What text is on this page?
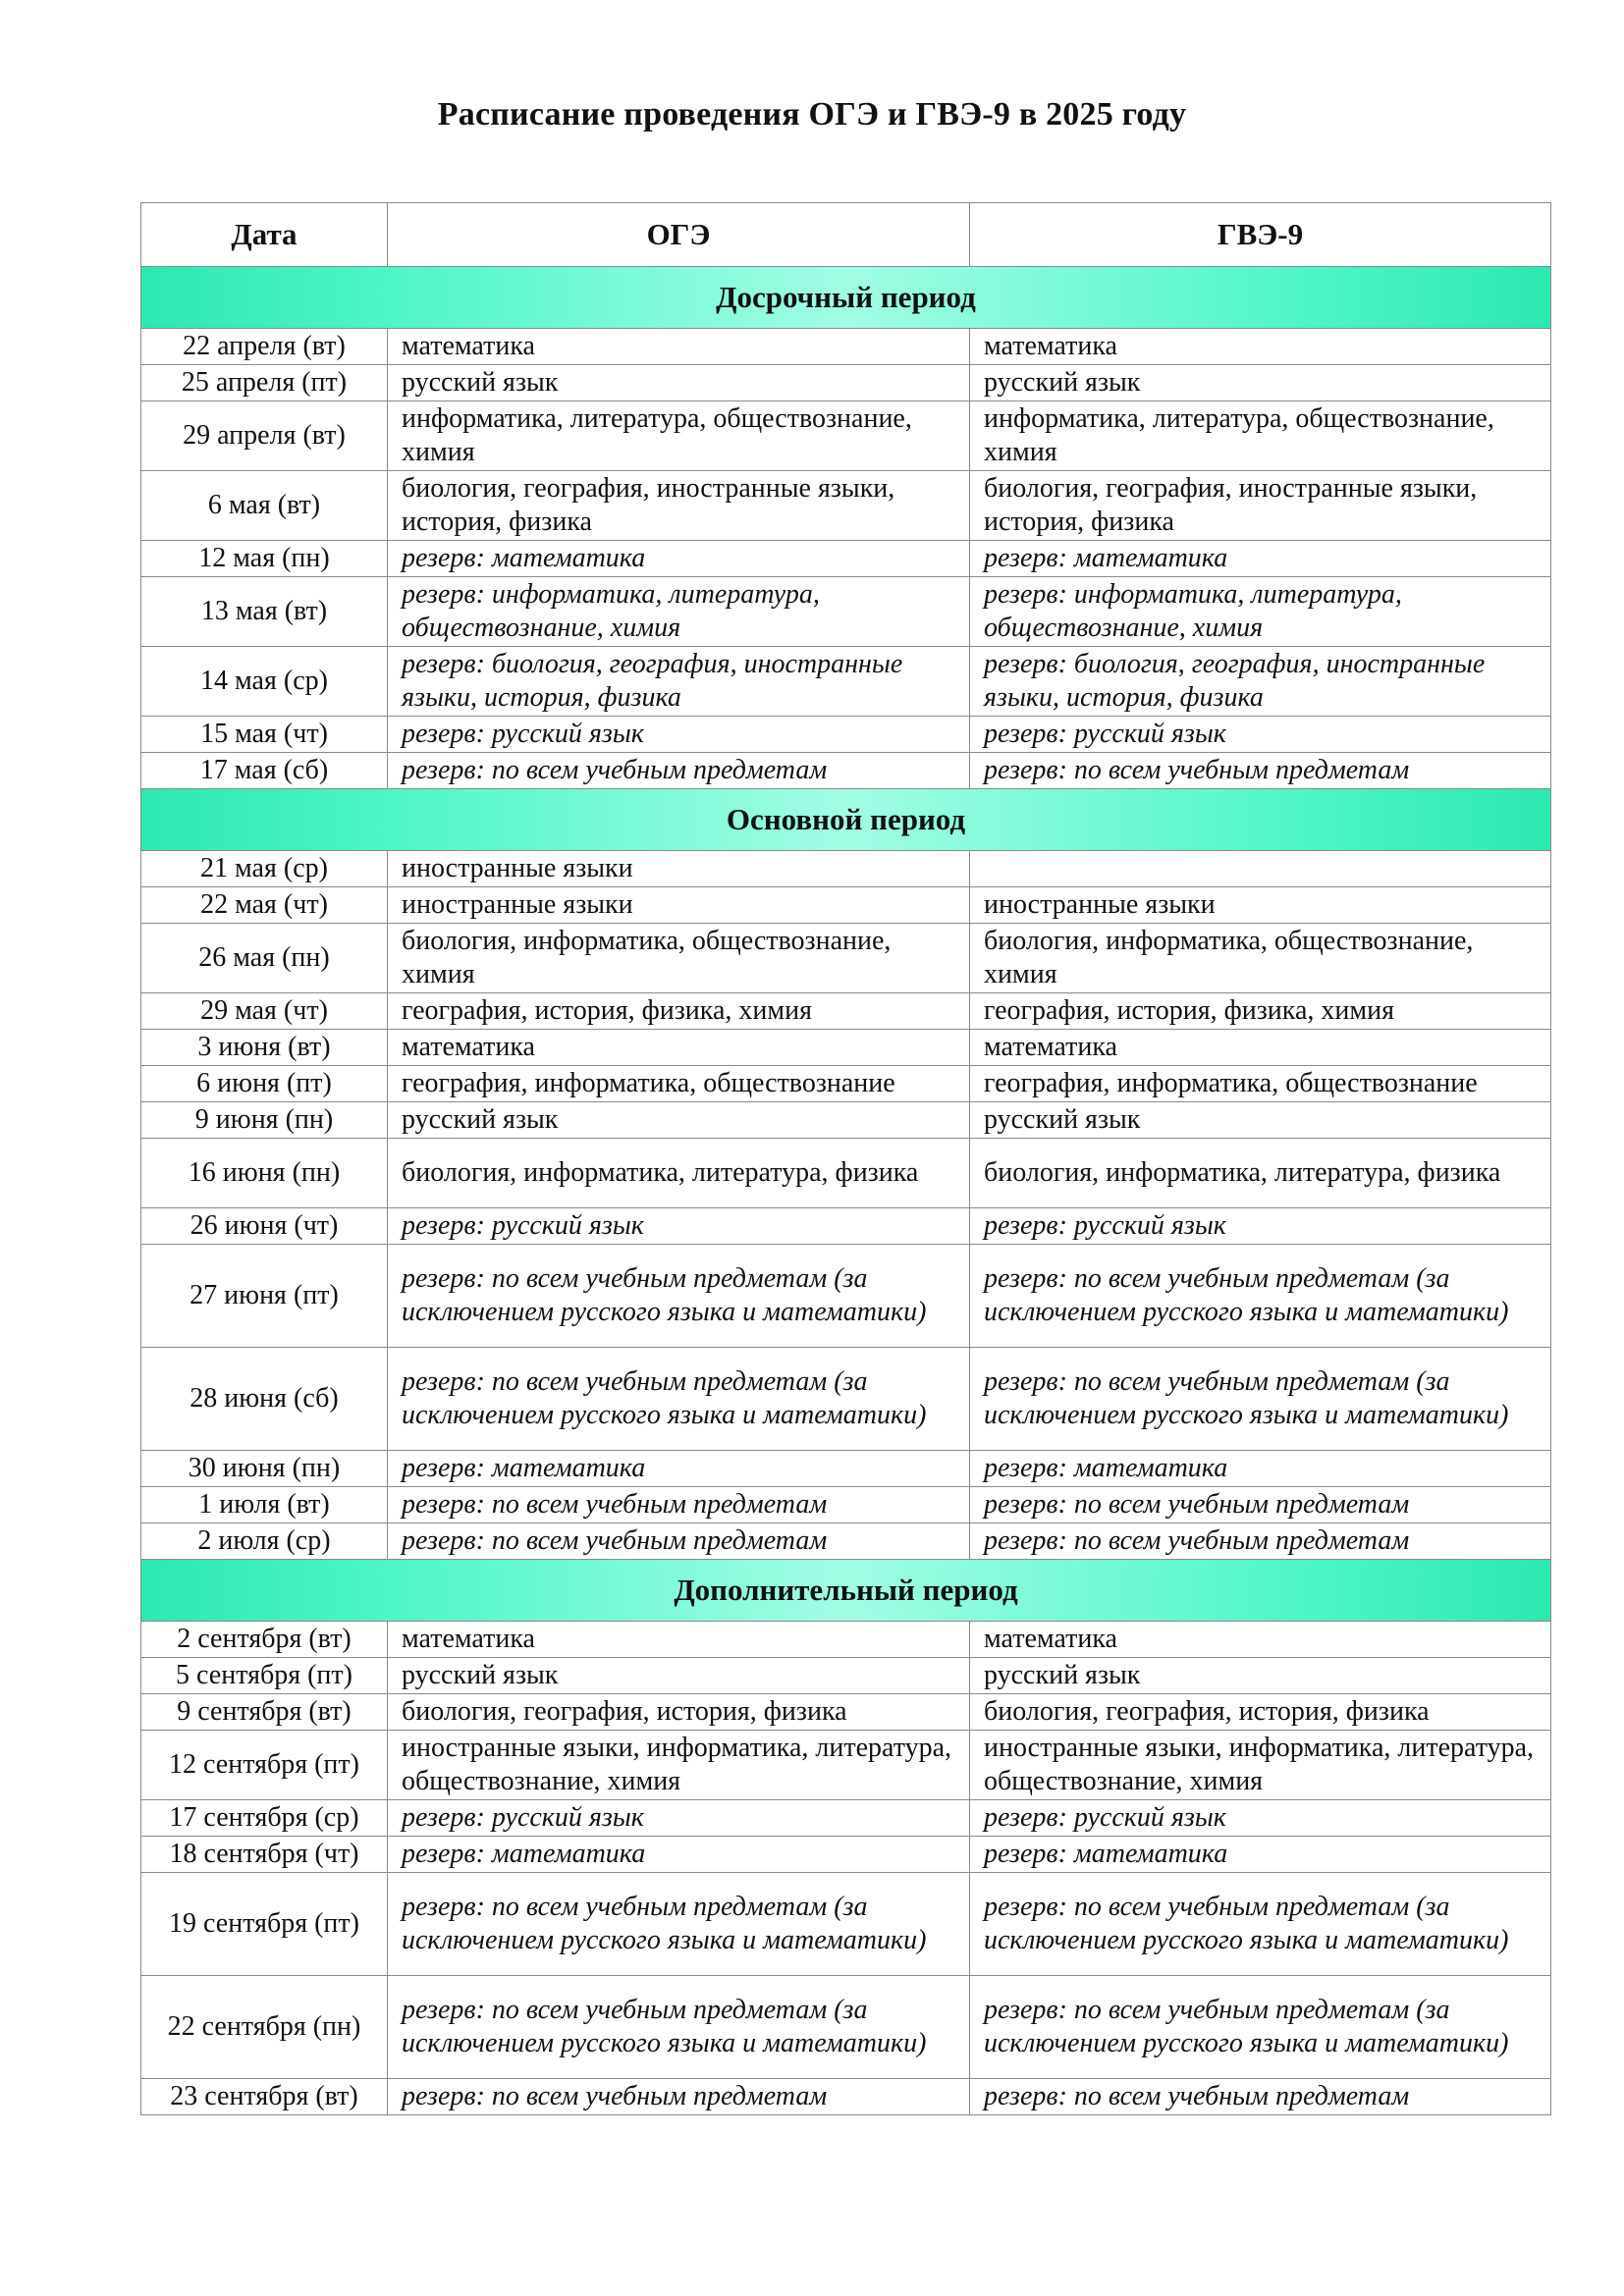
Расписание проведения ОГЭ и ГВЭ-9 в 2025 году
Дата	ОГЭ	ГВЭ-9
Досрочный период		
22 апреля (вт)	математика	математика
25 апреля (пт)	русский язык	русский язык
29 апреля (вт)	информатика, литература, обществознание, химия	информатика, литература, обществознание, химия
6 мая (вт)	биология, география, иностранные языки, история, физика	биология, география, иностранные языки, история, физика
12 мая (пн)	резерв: математика	резерв: математика
13 мая (вт)	резерв: информатика, литература, обществознание, химия	резерв: информатика, литература, обществознание, химия
14 мая (ср)	резерв: биология, география, иностранные языки, история, физика	резерв: биология, география, иностранные языки, история, физика
15 мая (чт)	резерв: русский язык	резерв: русский язык
17 мая (сб)	резерв: по всем учебным предметам	резерв: по всем учебным предметам
Основной период		
21 мая (ср)	иностранные языки	
22 мая (чт)	иностранные языки	иностранные языки
26 мая (пн)	биология, информатика, обществознание, химия	биология, информатика, обществознание, химия
29 мая (чт)	география, история, физика, химия	география, история, физика, химия
3 июня (вт)	математика	математика
6 июня (пт)	география, информатика, обществознание	география, информатика, обществознание
9 июня (пн)	русский язык	русский язык
16 июня (пн)	биология, информатика, литература, физика	биология, информатика, литература, физика
26 июня (чт)	резерв: русский язык	резерв: русский язык
27 июня (пт)	резерв: по всем учебным предметам (за исключением русского языка и математики)	резерв: по всем учебным предметам (за исключением русского языка и математики)
28 июня (сб)	резерв: по всем учебным предметам (за исключением русского языка и математики)	резерв: по всем учебным предметам (за исключением русского языка и математики)
30 июня (пн)	резерв: математика	резерв: математика
1 июля (вт)	резерв: по всем учебным предметам	резерв: по всем учебным предметам
2 июля (ср)	резерв: по всем учебным предметам	резерв: по всем учебным предметам
Дополнительный период		
2 сентября (вт)	математика	математика
5 сентября (пт)	русский язык	русский язык
9 сентября (вт)	биология, география, история, физика	биология, география, история, физика
12 сентября (пт)	иностранные языки, информатика, литература, обществознание, химия	иностранные языки, информатика, литература, обществознание, химия
17 сентября (ср)	резерв: русский язык	резерв: русский язык
18 сентября (чт)	резерв: математика	резерв: математика
19 сентября (пт)	резерв: по всем учебным предметам (за исключением русского языка и математики)	резерв: по всем учебным предметам (за исключением русского языка и математики)
22 сентября (пн)	резерв: по всем учебным предметам (за исключением русского языка и математики)	резерв: по всем учебным предметам (за исключением русского языка и математики)
23 сентября (вт)	резерв: по всем учебным предметам	резерв: по всем учебным предметам
